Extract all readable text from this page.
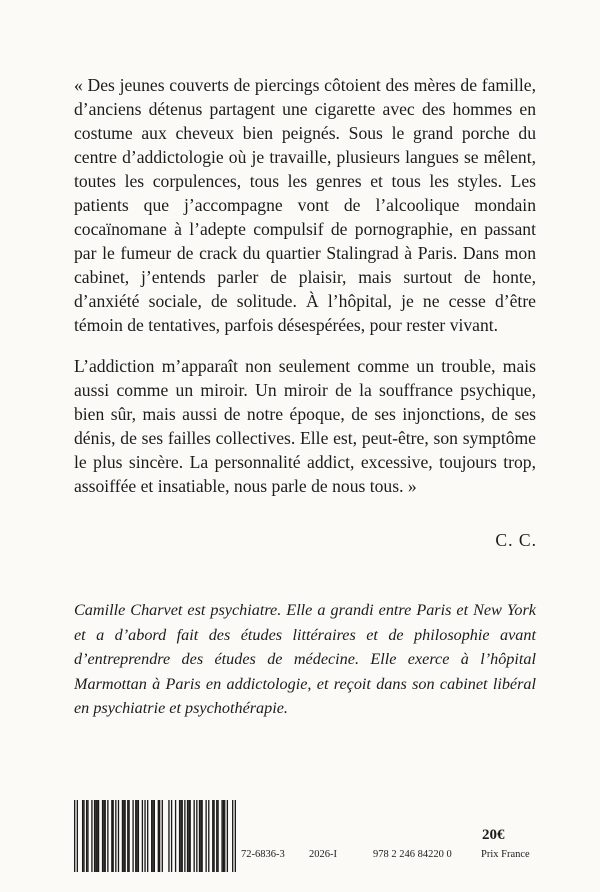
« Des jeunes couverts de piercings côtoient des mères de famille, d’anciens détenus partagent une cigarette avec des hommes en costume aux cheveux bien peignés. Sous le grand porche du centre d’addictologie où je travaille, plusieurs langues se mêlent, toutes les corpulences, tous les genres et tous les styles. Les patients que j’accompagne vont de l’alcoolique mondain cocaïnomane à l’adepte compulsif de pornographie, en passant par le fumeur de crack du quartier Stalingrad à Paris. Dans mon cabinet, j’entends parler de plaisir, mais surtout de honte, d’anxiété sociale, de solitude. À l’hôpital, je ne cesse d’être témoin de tentatives, parfois désespérées, pour rester vivant.

L’addiction m’apparaît non seulement comme un trouble, mais aussi comme un miroir. Un miroir de la souffrance psychique, bien sûr, mais aussi de notre époque, de ses injonctions, de ses dénis, de ses failles collectives. Elle est, peut-être, son symptôme le plus sincère. La personnalité addict, excessive, toujours trop, assoiffée et insatiable, nous parle de nous tous. »

C. C.

Camille Charvet est psychiatre. Elle a grandi entre Paris et New York et a d’abord fait des études littéraires et de philosophie avant d’entreprendre des études de médecine. Elle exerce à l’hôpital Marmottan à Paris en addictologie, et reçoit dans son cabinet libéral en psychiatrie et psychothérapie.

72-6836-3 2026-I	978 2 246 84220 0
20€
Prix France
